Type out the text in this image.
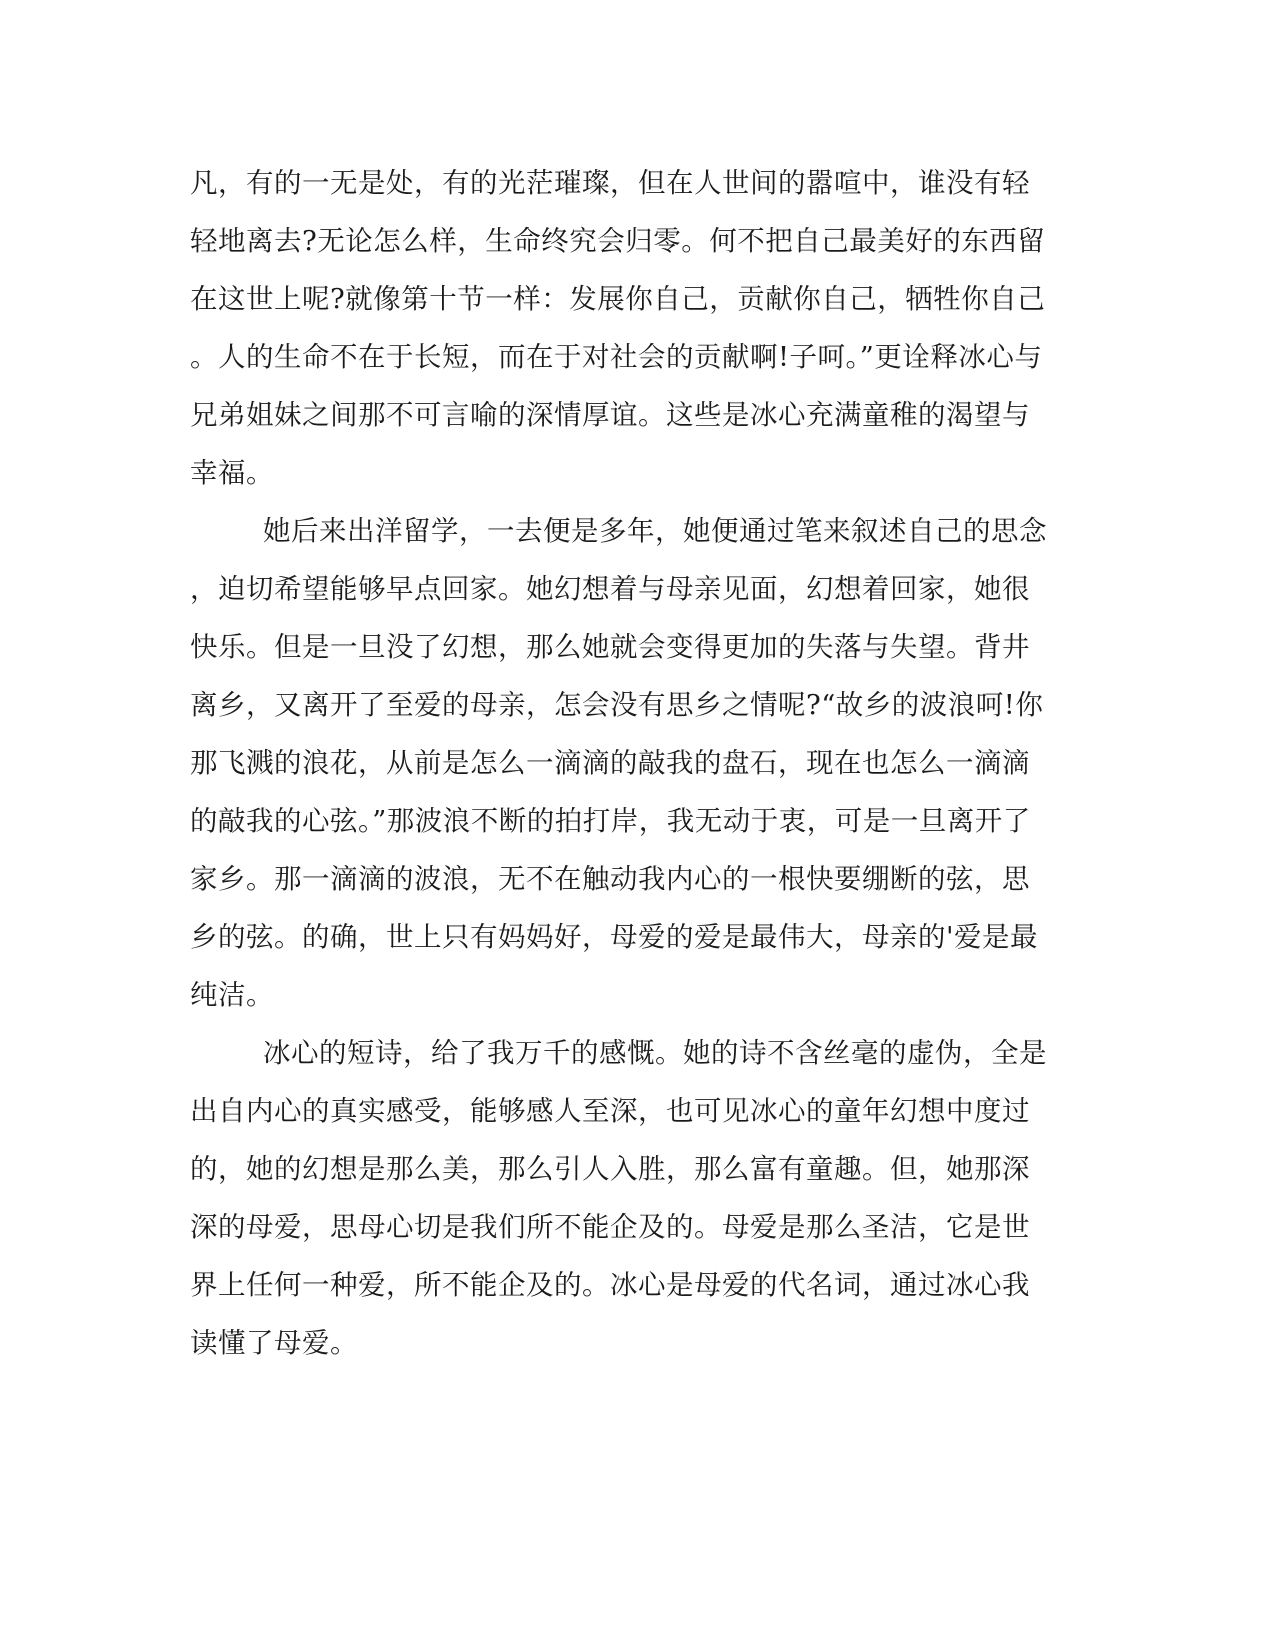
凡，有的一无是处，有的光茫璀璨，但在人世间的嚣喧中，谁没有轻
轻地离去?无论怎么样，生命终究会归零。何不把自己最美好的东西留
在这世上呢?就像第十节一样：发展你自己，贡献你自己，牺牲你自己
。人的生命不在于长短，而在于对社会的贡献啊!子呵。”更诠释冰心与
兄弟姐妹之间那不可言喻的深情厚谊。这些是冰心充满童稚的渴望与
幸福。
她后来出洋留学，一去便是多年，她便通过笔来叙述自己的思念
，迫切希望能够早点回家。她幻想着与母亲见面，幻想着回家，她很
快乐。但是一旦没了幻想，那么她就会变得更加的失落与失望。背井
离乡，又离开了至爱的母亲，怎会没有思乡之情呢?“故乡的波浪呵!你
那飞溅的浪花，从前是怎么一滴滴的敲我的盘石，现在也怎么一滴滴
的敲我的心弦。”那波浪不断的拍打岸，我无动于衷，可是一旦离开了
家乡。那一滴滴的波浪，无不在触动我内心的一根快要绷断的弦，思
乡的弦。的确，世上只有妈妈好，母爱的爱是最伟大，母亲的'爱是最
纯洁。
冰心的短诗，给了我万千的感慨。她的诗不含丝毫的虚伪，全是
出自内心的真实感受，能够感人至深，也可见冰心的童年幻想中度过
的，她的幻想是那么美，那么引人入胜，那么富有童趣。但，她那深
深的母爱，思母心切是我们所不能企及的。母爱是那么圣洁，它是世
界上任何一种爱，所不能企及的。冰心是母爱的代名词，通过冰心我
读懂了母爱。
